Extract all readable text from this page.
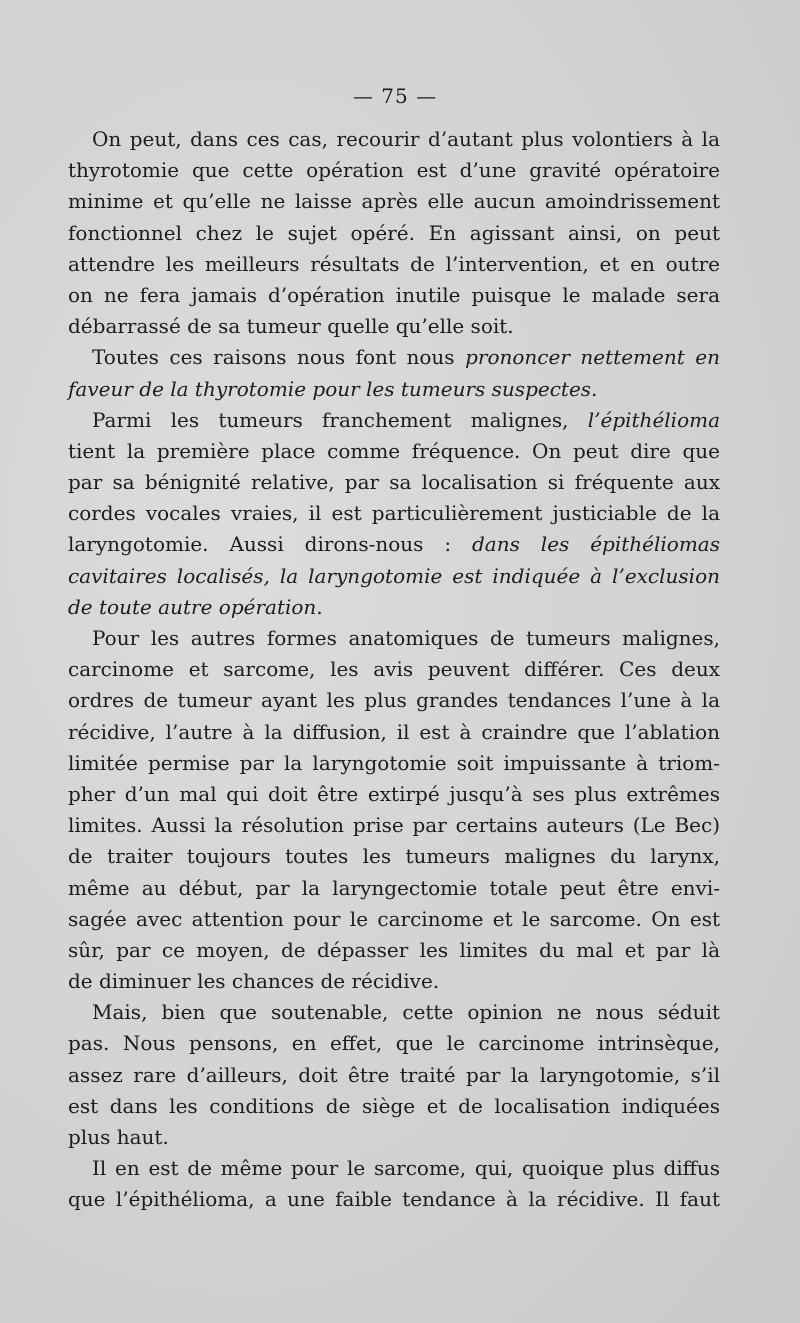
— 75 —
On peut, dans ces cas, recourir d’autant plus volontiers à la
thyrotomie que cette opération est d’une gravité opératoire
minime et qu’elle ne laisse après elle aucun amoindrissement
fonctionnel chez le sujet opéré. En agissant ainsi, on peut
attendre les meilleurs résultats de l’intervention, et en outre
on ne fera jamais d’opération inutile puisque le malade sera
débarrassé de sa tumeur quelle qu’elle soit.
Toutes ces raisons nous font nous prononcer nettement en
faveur de la thyrotomie pour les tumeurs suspectes.
Parmi les tumeurs franchement malignes, l’épithélioma
tient la première place comme fréquence. On peut dire que
par sa bénignité relative, par sa localisation si fréquente aux
cordes vocales vraies, il est particulièrement justiciable de la
laryngotomie. Aussi dirons-nous : dans les épithéliomas
cavitaires localisés, la laryngotomie est indiquée à l’exclusion
de toute autre opération.
Pour les autres formes anatomiques de tumeurs malignes,
carcinome et sarcome, les avis peuvent différer. Ces deux
ordres de tumeur ayant les plus grandes tendances l’une à la
récidive, l’autre à la diffusion, il est à craindre que l’ablation
limitée permise par la laryngotomie soit impuissante à triom-
pher d’un mal qui doit être extirpé jusqu’à ses plus extrêmes
limites. Aussi la résolution prise par certains auteurs (Le Bec)
de traiter toujours toutes les tumeurs malignes du larynx,
même au début, par la laryngectomie totale peut être envi-
sagée avec attention pour le carcinome et le sarcome. On est
sûr, par ce moyen, de dépasser les limites du mal et par là
de diminuer les chances de récidive.
Mais, bien que soutenable, cette opinion ne nous séduit
pas. Nous pensons, en effet, que le carcinome intrinsèque,
assez rare d’ailleurs, doit être traité par la laryngotomie, s’il
est dans les conditions de siège et de localisation indiquées
plus haut.
Il en est de même pour le sarcome, qui, quoique plus diffus
que l’épithélioma, a une faible tendance à la récidive. Il faut
